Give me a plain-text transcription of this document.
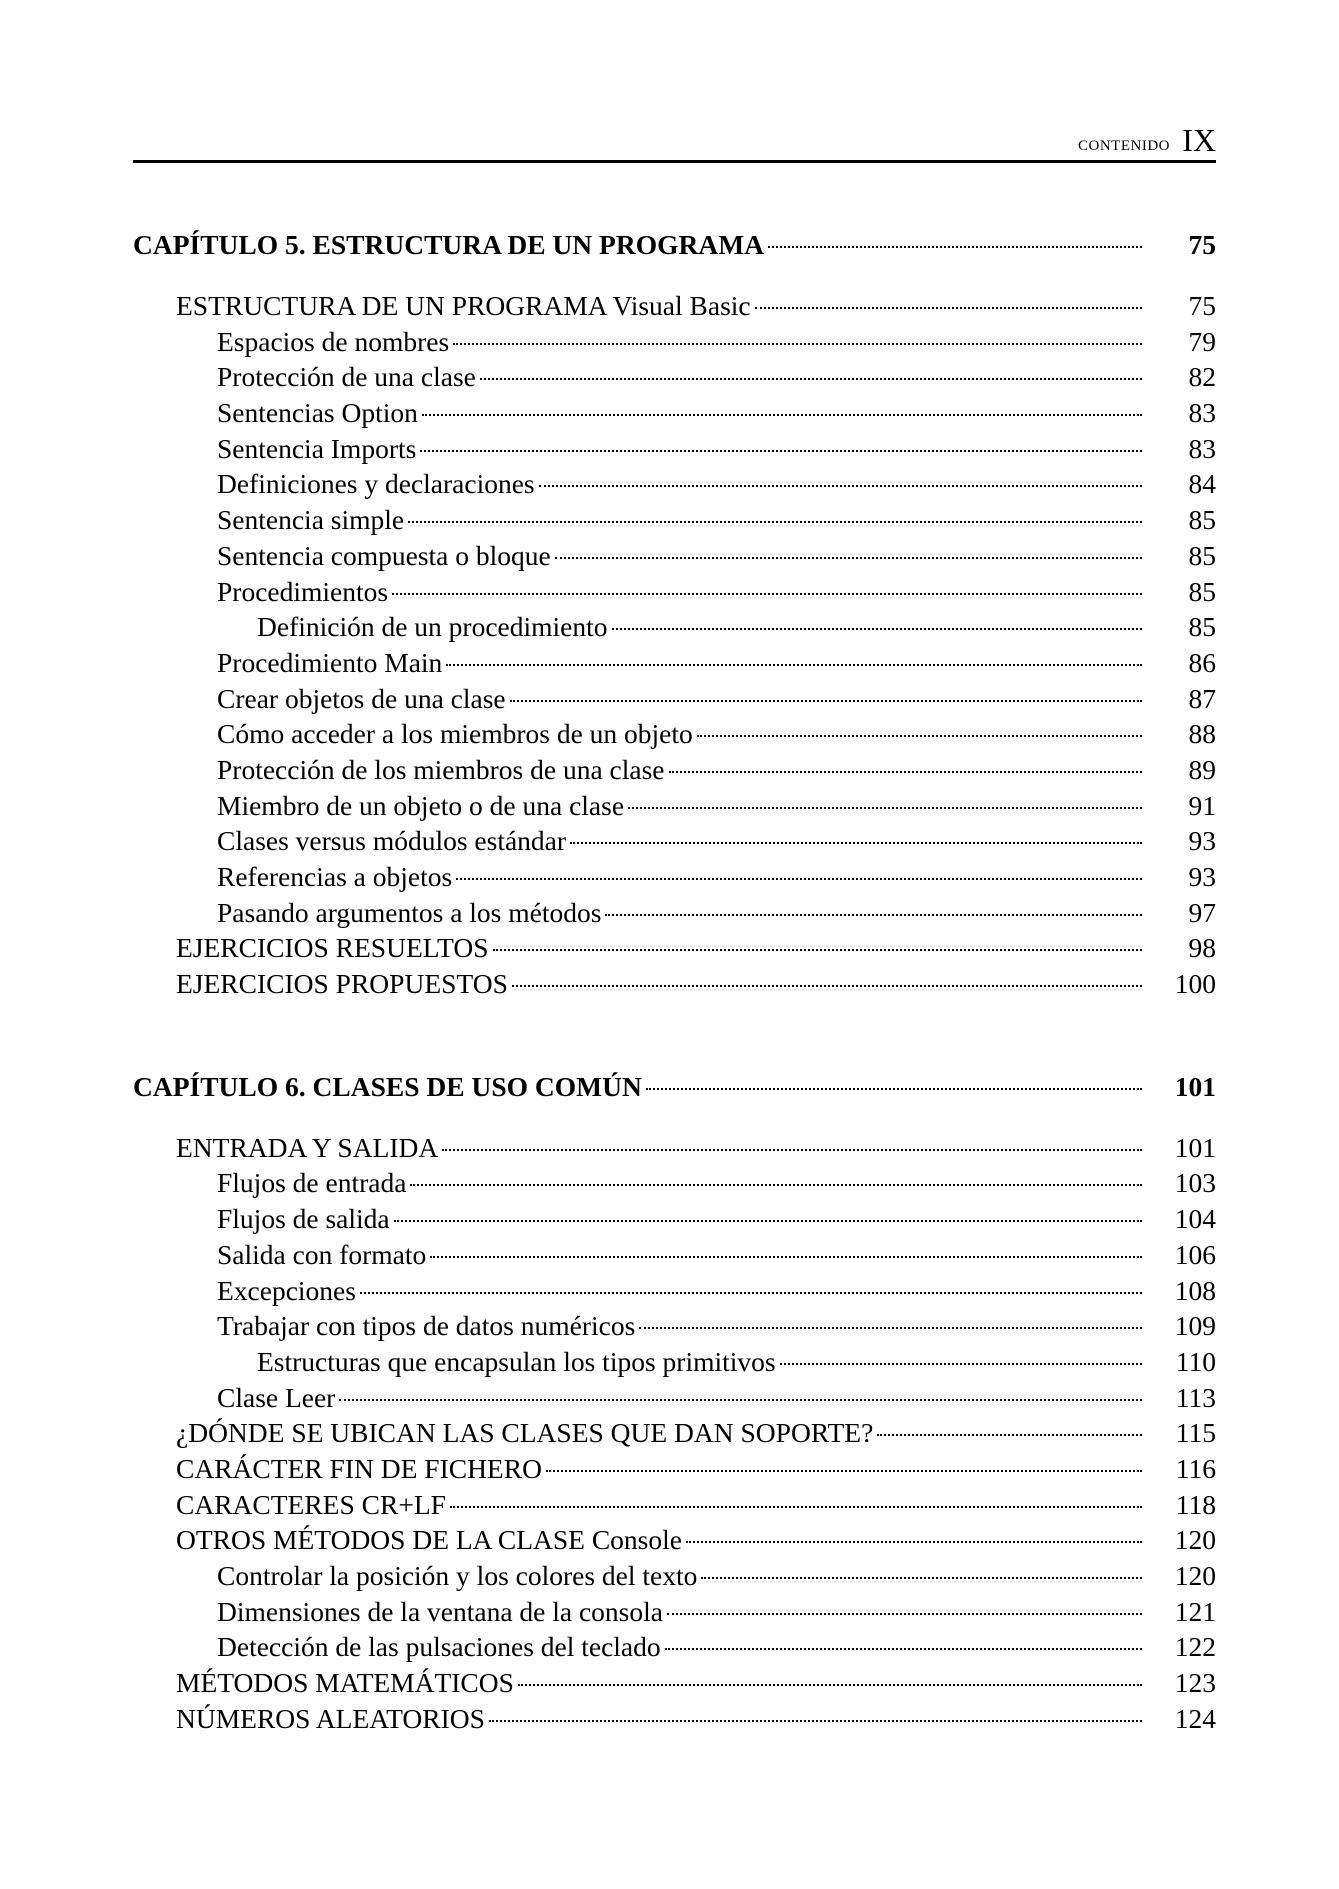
contenido IX
CAPÍTULO 5. ESTRUCTURA DE UN PROGRAMA	75
ESTRUCTURA DE UN PROGRAMA Visual Basic	75
Espacios de nombres	79
Protección de una clase	82
Sentencias Option	83
Sentencia Imports	83
Definiciones y declaraciones	84
Sentencia simple	85
Sentencia compuesta o bloque	85
Procedimientos	85
Definición de un procedimiento	85
Procedimiento Main	86
Crear objetos de una clase	87
Cómo acceder a los miembros de un objeto	88
Protección de los miembros de una clase	89
Miembro de un objeto o de una clase	91
Clases versus módulos estándar	93
Referencias a objetos	93
Pasando argumentos a los métodos	97
EJERCICIOS RESUELTOS	98
EJERCICIOS PROPUESTOS	100
CAPÍTULO 6. CLASES DE USO COMÚN	101
ENTRADA Y SALIDA	101
Flujos de entrada	103
Flujos de salida	104
Salida con formato	106
Excepciones	108
Trabajar con tipos de datos numéricos	109
Estructuras que encapsulan los tipos primitivos	110
Clase Leer	113
¿DÓNDE SE UBICAN LAS CLASES QUE DAN SOPORTE?	115
CARÁCTER FIN DE FICHERO	116
CARACTERES CR+LF	118
OTROS MÉTODOS DE LA CLASE Console	120
Controlar la posición y los colores del texto	120
Dimensiones de la ventana de la consola	121
Detección de las pulsaciones del teclado	122
MÉTODOS MATEMÁTICOS	123
NÚMEROS ALEATORIOS	124
